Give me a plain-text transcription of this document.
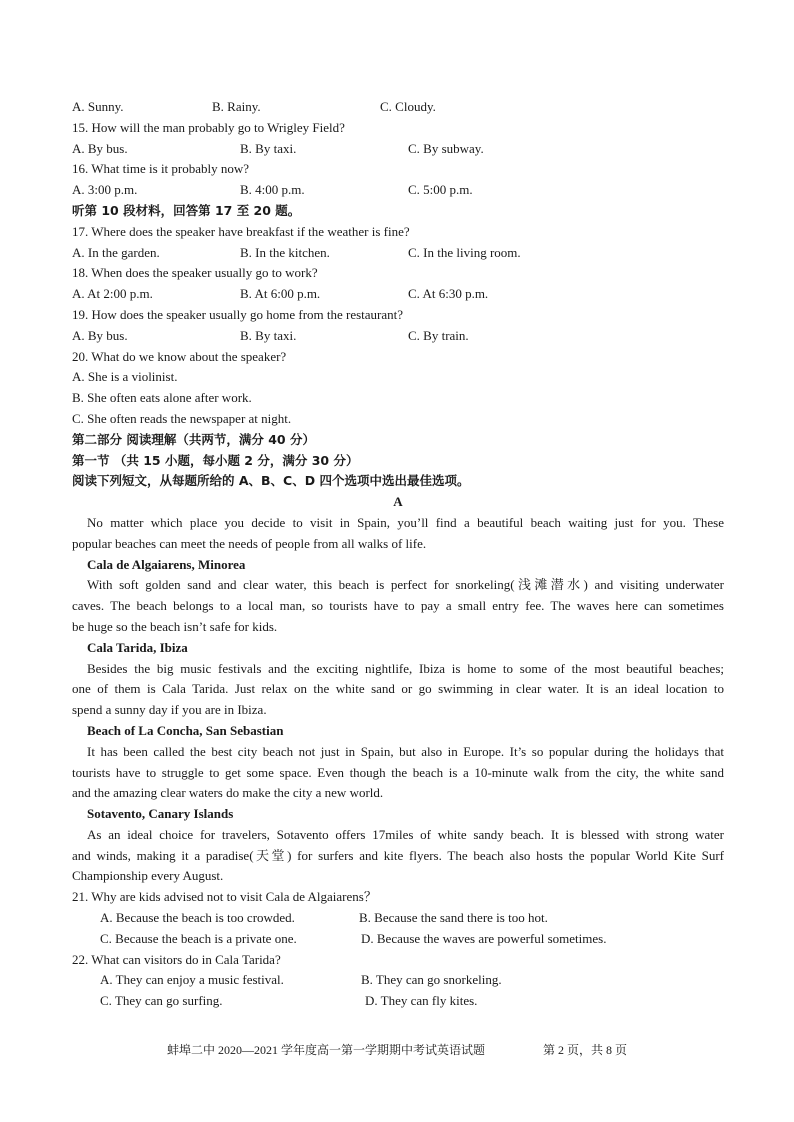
A. Sunny.	B. Rainy.	C. Cloudy.
15. How will the man probably go to Wrigley Field?
A. By bus.	B. By taxi.	C. By subway.
16. What time is it probably now?
A. 3:00 p.m.	B. 4:00 p.m.	C. 5:00 p.m.
听第 10 段材料，回答第 17 至 20 题。
17. Where does the speaker have breakfast if the weather is fine?
A. In the garden.	B. In the kitchen.	C. In the living room.
18. When does the speaker usually go to work?
A. At 2:00 p.m.	B. At 6:00 p.m.	C. At 6:30 p.m.
19. How does the speaker usually go home from the restaurant?
A. By bus.	B. By taxi.	C. By train.
20. What do we know about the speaker?
A. She is a violinist.
B. She often eats alone after work.
C. She often reads the newspaper at night.
第二部分 阅读理解（共两节，满分 40 分）
第一节 （共 15 小题，每小题 2 分，满分 30 分）
阅读下列短文，从每题所给的 A、B、C、D 四个选项中选出最佳选项。
A
No matter which place you decide to visit in Spain, you’ll find a beautiful beach waiting just for you. These
popular beaches can meet the needs of people from all walks of life.
Cala de Algaiarens, Minorea
With soft golden sand and clear water, this beach is perfect for snorkeling(浅滩潜水) and visiting underwater
caves. The beach belongs to a local man, so tourists have to pay a small entry fee. The waves here can sometimes
be huge so the beach isn’t safe for kids.
Cala Tarida, Ibiza
Besides the big music festivals and the exciting nightlife, Ibiza is home to some of the most beautiful beaches;
one of them is Cala Tarida. Just relax on the white sand or go swimming in clear water. It is an ideal location to
spend a sunny day if you are in Ibiza.
Beach of La Concha, San Sebastian
It has been called the best city beach not just in Spain, but also in Europe. It’s so popular during the holidays that
tourists have to struggle to get some space. Even though the beach is a 10-minute walk from the city, the white sand
and the amazing clear waters do make the city a new world.
Sotavento, Canary Islands
As an ideal choice for travelers, Sotavento offers 17miles of white sandy beach. It is blessed with strong water
and winds, making it a paradise(天堂) for surfers and kite flyers. The beach also hosts the popular World Kite Surf
Championship every August.
21. Why are kids advised not to visit Cala de Algaiarens？
A. Because the beach is too crowded.	B. Because the sand there is too hot.
C. Because the beach is a private one.	D. Because the waves are powerful sometimes.
22. What can visitors do in Cala Tarida?
A. They can enjoy a music festival.	B. They can go snorkeling.
C. They can go surfing.	D. They can fly kites.
蚌埠二中 2020—2021 学年度高一第一学期期中考试英语试题	第 2 页，共 8 页
